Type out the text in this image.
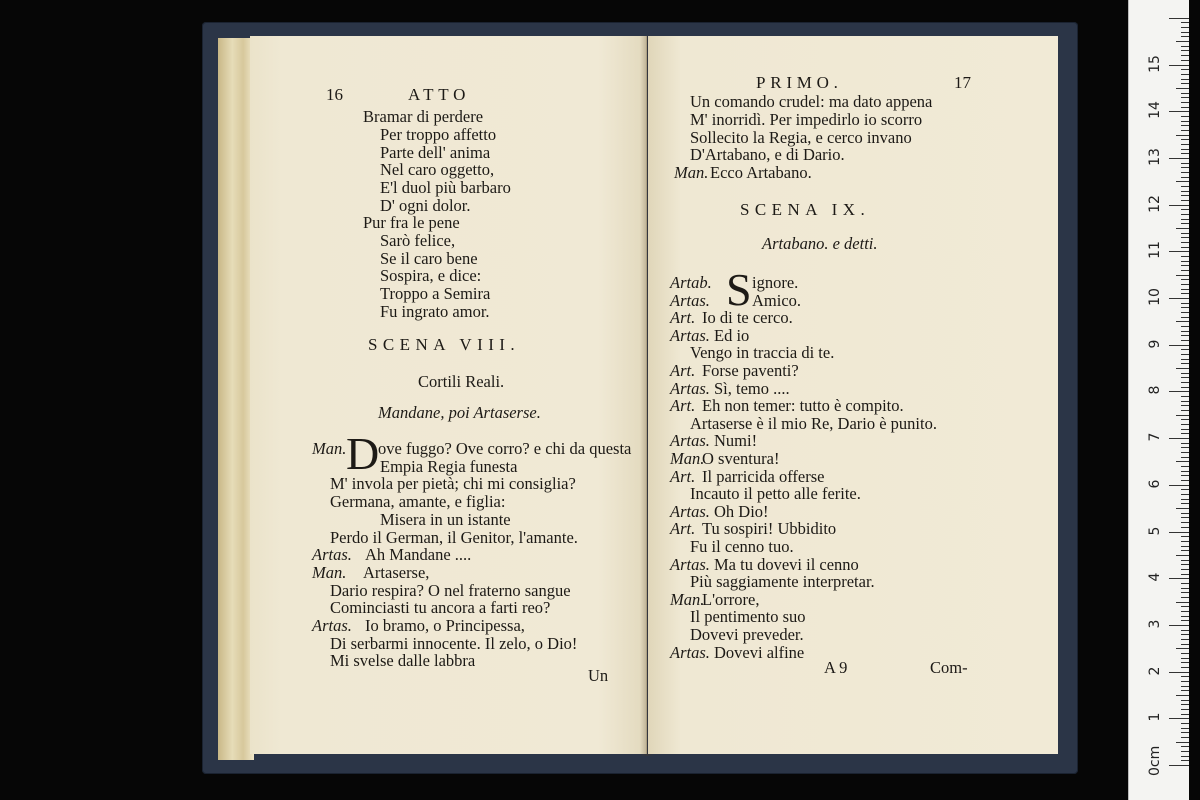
16	ATTO
Bramar di perdere
Per troppo affetto
Parte dell' anima
Nel caro oggetto,
E'l duol più barbaro
D' ogni dolor.
Pur fra le pene
Sarò felice,
Se il caro bene
Sospira, e dice:
Troppo a Semira
Fu ingrato amor.
SCENA VIII.
Cortili Reali.
Mandane, poi Artaserse.
Man. D
ove fuggo? Ove corro? e chi da questa
Empia Regia funesta
M' invola per pietà; chi mi consiglia?
Germana, amante, e figlia:
Misera in un istante
Perdo il German, il Genitor, l'amante.
Artas. Ah Mandane ....
Man. Artaserse,
Dario respira? O nel fraterno sangue
Cominciasti tu ancora a farti reo?
Artas. Io bramo, o Principessa,
Di serbarmi innocente. Il zelo, o Dio!
Mi svelse dalle labbra
Un
PRIMO.	17
Un comando crudel: ma dato appena
M' inorridì. Per impedirlo io scorro
Sollecito la Regia, e cerco invano
D'Artabano, e di Dario.
Man. Ecco Artabano.
SCENA IX.
Artabano. e detti.
Artab. S ignore.
Artas.	Amico.
Art. Io di te cerco.
Artas. Ed io
Vengo in traccia di te.
Art. Forse paventi?
Artas. Sì, temo ....
Art. Eh non temer: tutto è compito.
Artaserse è il mio Re, Dario è punito.
Artas. Numi!
Man.
O sventura!
Art. Il parricida offerse
Incauto il petto alle ferite.
Artas. Oh Dio!
Art. Tu sospiri! Ubbidito
Fu il cenno tuo.
Artas. Ma tu dovevi il cenno
Più saggiamente interpretar.
Man.
L'orrore,
Il pentimento suo
Dovevi preveder.
Artas. Dovevi alfine
A 9	Com-
0cm
1
2
3
4
5
6
7
8
9
10
11
12
13
14
15
